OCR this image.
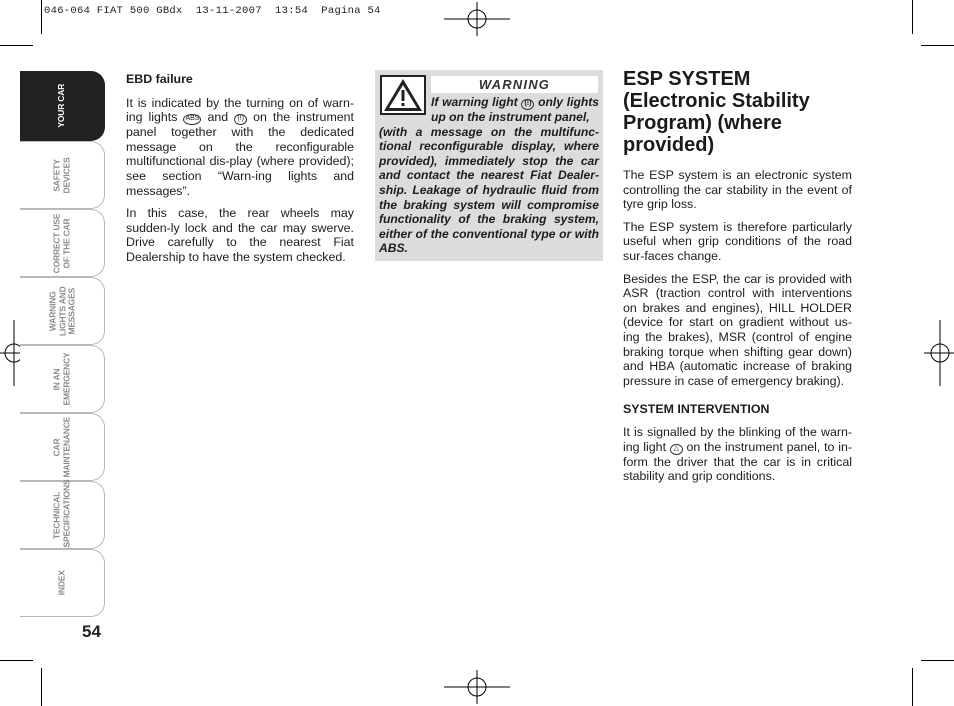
046-064 FIAT 500 GBdx  13-11-2007  13:54  Pagina 54
YOUR CAR
SAFETY DEVICES
CORRECT USE OF THE CAR
WARNING LIGHTS AND MESSAGES
IN AN EMERGENCY
CAR MAINTENANCE
TECHNICAL SPECIFICATIONS
INDEX
54

EBD failure

It is indicated by the turning on of warn-ing lights ABS and (!) on the instrument panel together with the dedicated message on the reconfigurable multifunctional dis-play (where provided); see section “Warn-ing lights and messages”.

In this case, the rear wheels may sudden-ly lock and the car may swerve. Drive carefully to the nearest Fiat Dealership to have the system checked.

WARNING
If warning light (!) only lights up on the instrument panel,
(with a message on the multifunc-tional reconfigurable display, where provided), immediately stop the car and contact the nearest Fiat Dealer-ship. Leakage of hydraulic fluid from the braking system will compromise functionality of the braking system, either of the conventional type or with ABS.

ESP SYSTEM (Electronic Stability Program) (where provided)

The ESP system is an electronic system controlling the car stability in the event of tyre grip loss.

The ESP system is therefore particularly useful when grip conditions of the road sur-faces change.

Besides the ESP, the car is provided with ASR (traction control with interventions on brakes and engines), HILL HOLDER (device for start on gradient without us-ing the brakes), MSR (control of engine braking torque when shifting gear down) and HBA (automatic increase of braking pressure in case of emergency braking).

SYSTEM INTERVENTION

It is signalled by the blinking of the warn-ing light △ on the instrument panel, to in-form the driver that the car is in critical stability and grip conditions.
